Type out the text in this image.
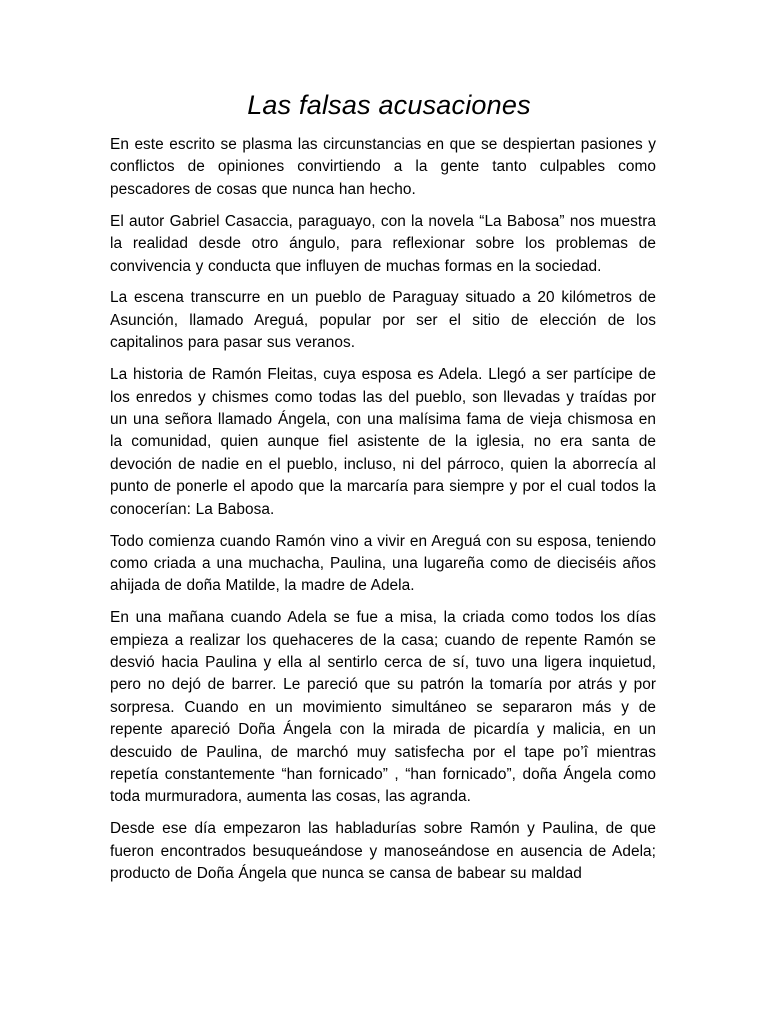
Las falsas acusaciones

En este escrito se plasma las circunstancias en que se despiertan pasiones y conflictos de opiniones convirtiendo a la gente tanto culpables como pescadores de cosas que nunca han hecho.

El autor Gabriel Casaccia, paraguayo, con la novela “La Babosa” nos muestra la realidad desde otro ángulo, para reflexionar sobre los problemas de convivencia y conducta que influyen de muchas formas en la sociedad.

La escena transcurre en un pueblo de Paraguay situado a 20 kilómetros de Asunción, llamado Areguá, popular por ser el sitio de elección de los capitalinos para pasar sus veranos.

La historia de Ramón Fleitas, cuya esposa es Adela. Llegó a ser partícipe de los enredos y chismes como todas las del pueblo, son llevadas y traídas por un una señora llamado Ángela, con una malísima fama de vieja chismosa en la comunidad, quien aunque fiel asistente de la iglesia, no era santa de devoción de nadie en el pueblo, incluso, ni del párroco, quien la aborrecía al punto de ponerle el apodo que la marcaría para siempre y por el cual todos la conocerían: La Babosa.

Todo comienza cuando Ramón vino a vivir en Areguá con su esposa, teniendo como criada a una muchacha, Paulina, una lugareña como de dieciséis años ahijada de doña Matilde, la madre de Adela.

En una mañana cuando Adela se fue a misa, la criada como todos los días empieza a realizar los quehaceres de la casa; cuando de repente Ramón se desvió hacia Paulina y ella al sentirlo cerca de sí, tuvo una ligera inquietud, pero no dejó de barrer. Le pareció que su patrón la tomaría por atrás y por sorpresa. Cuando en un movimiento simultáneo se separaron más y de repente apareció Doña Ángela con la mirada de picardía y malicia, en un descuido de Paulina, de marchó muy satisfecha por el tape po’î mientras repetía constantemente “han fornicado” , “han fornicado”, doña Ángela como toda murmuradora, aumenta las cosas, las agranda.

Desde ese día empezaron las habladurías sobre Ramón y Paulina, de que fueron encontrados besuqueándose y manoseándose en ausencia de Adela; producto de Doña Ángela que nunca se cansa de babear su maldad
